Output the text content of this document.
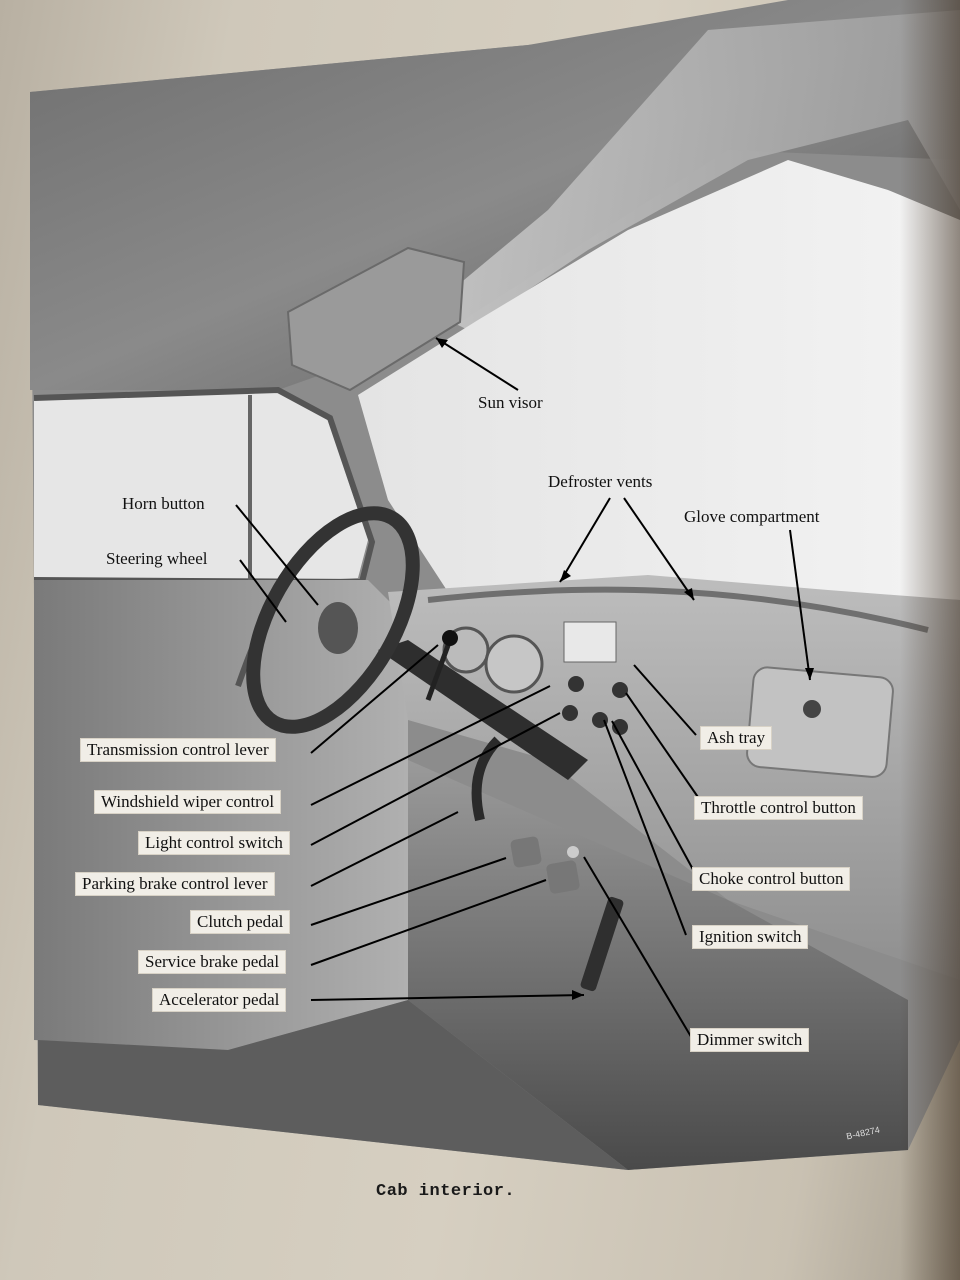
Sun visor
Defroster vents
Glove compartment
Horn button
Steering wheel
Ash tray
Transmission control lever
Windshield wiper control
Light control switch
Parking brake control lever
Clutch pedal
Service brake pedal
Accelerator pedal
Throttle control button
Choke control button
Ignition switch
Dimmer switch
B-48274
Cab interior.
